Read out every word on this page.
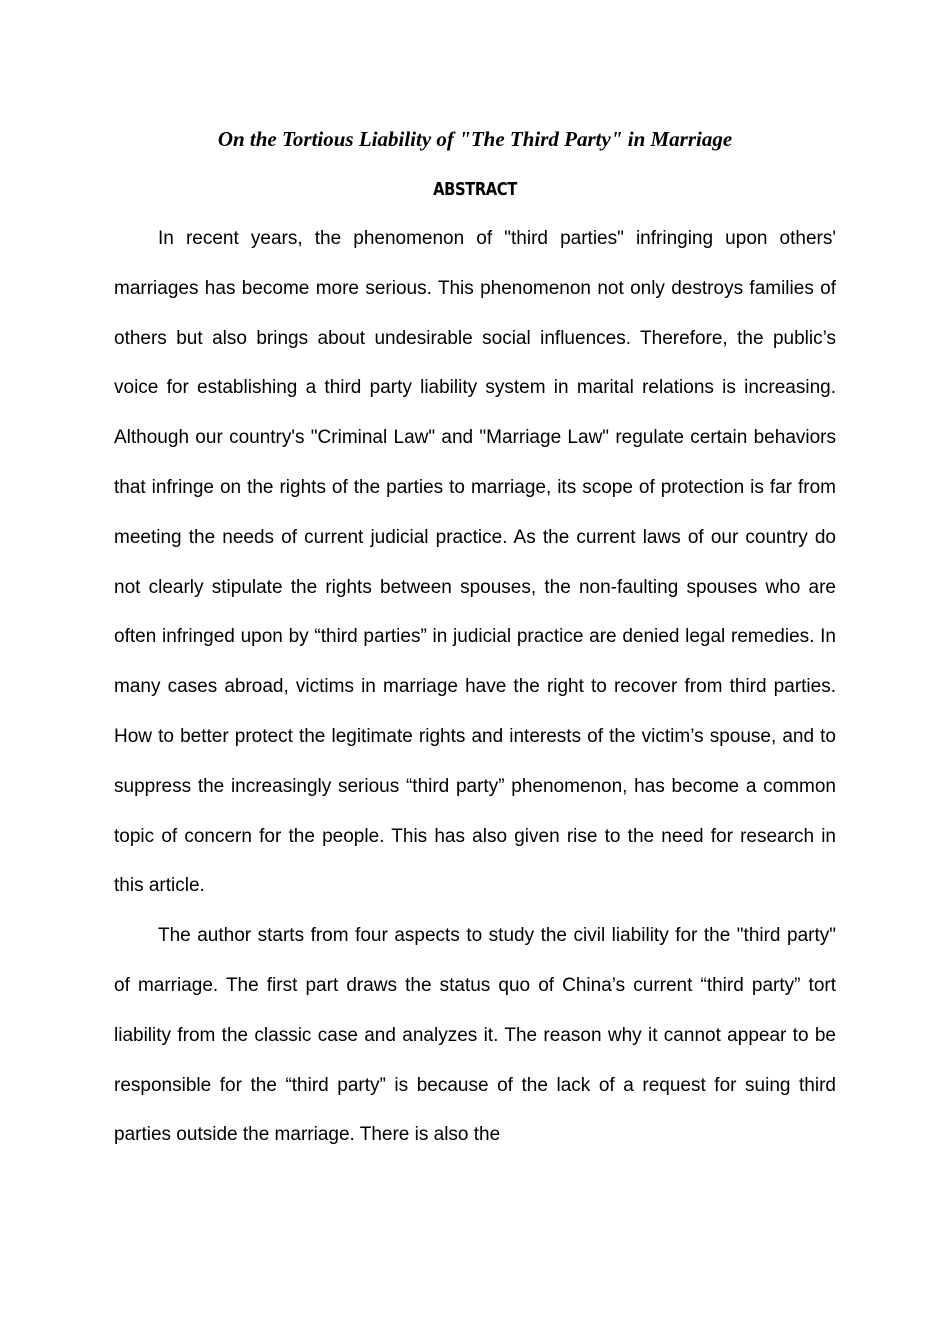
On the Tortious Liability of "The Third Party" in Marriage
ABSTRACT

In recent years, the phenomenon of "third parties" infringing upon others' marriages has become more serious. This phenomenon not only destroys families of others but also brings about undesirable social influences. Therefore, the public’s voice for establishing a third party liability system in marital relations is increasing. Although our country's "Criminal Law" and "Marriage Law" regulate certain behaviors that infringe on the rights of the parties to marriage, its scope of protection is far from meeting the needs of current judicial practice. As the current laws of our country do not clearly stipulate the rights between spouses, the non-faulting spouses who are often infringed upon by “third parties” in judicial practice are denied legal remedies. In many cases abroad, victims in marriage have the right to recover from third parties. How to better protect the legitimate rights and interests of the victim’s spouse, and to suppress the increasingly serious “third party” phenomenon, has become a common topic of concern for the people. This has also given rise to the need for research in this article.

The author starts from four aspects to study the civil liability for the "third party" of marriage. The first part draws the status quo of China’s current “third party” tort liability from the classic case and analyzes it. The reason why it cannot appear to be responsible for the “third party” is because of the lack of a request for suing third parties outside the marriage. There is also the
